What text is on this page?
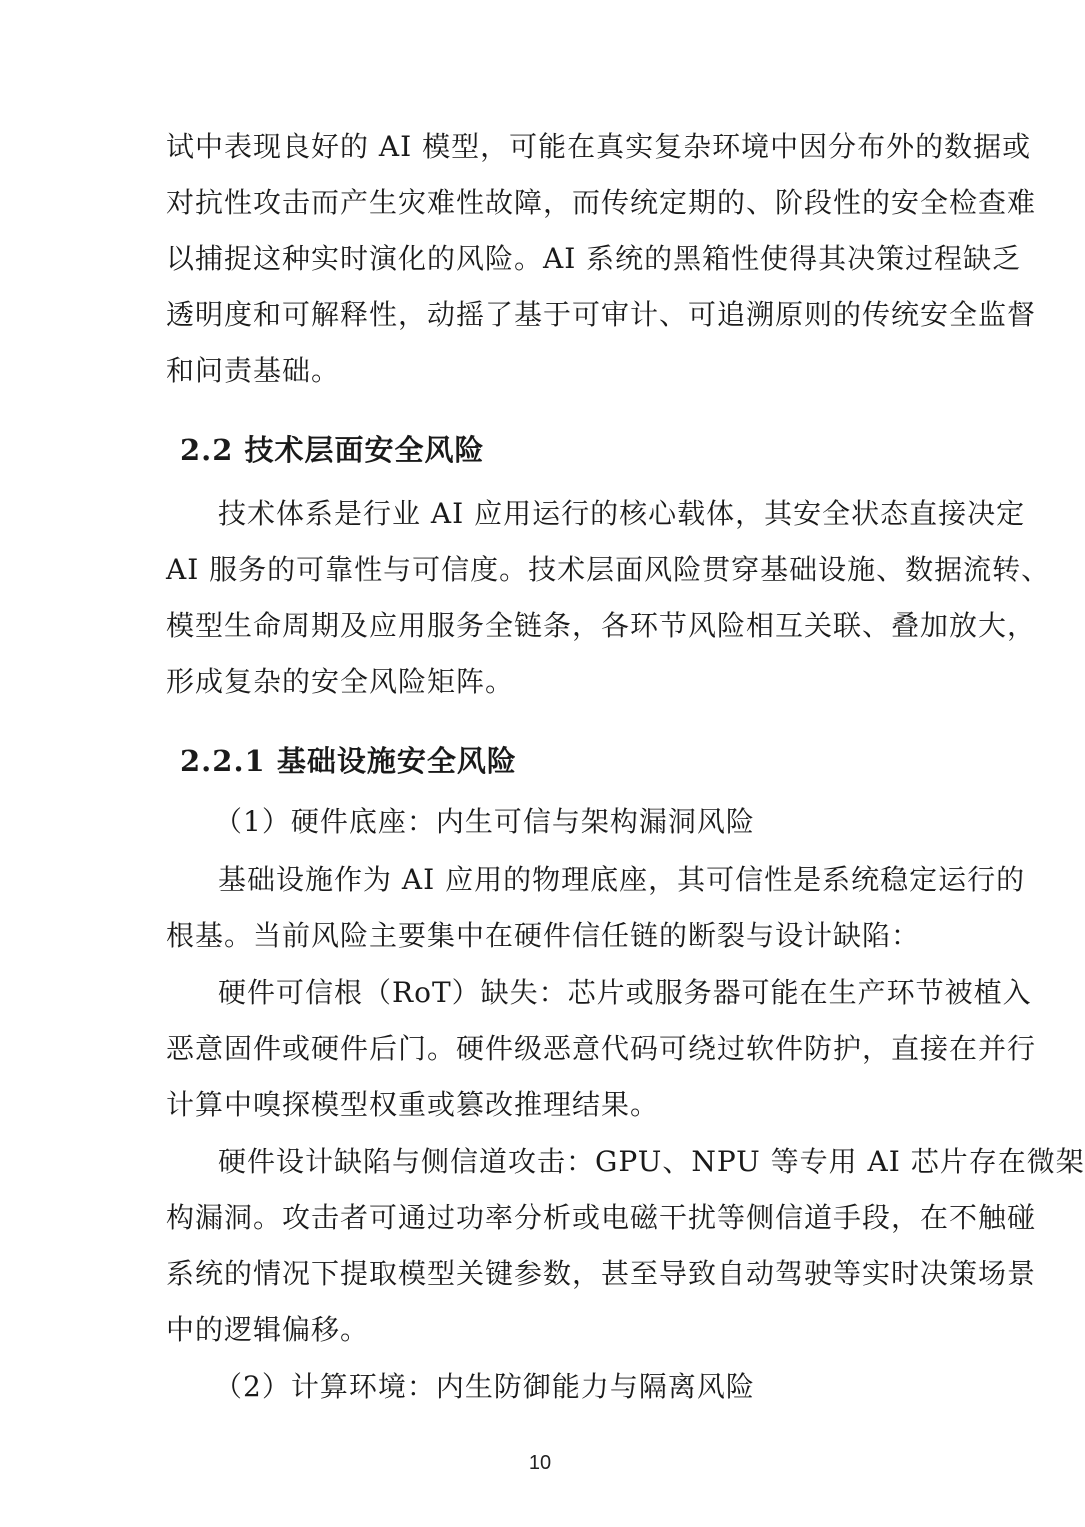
试中表现良好的 AI 模型，可能在真实复杂环境中因分布外的数据或
对抗性攻击而产生灾难性故障，而传统定期的、阶段性的安全检查难
以捕捉这种实时演化的风险。AI 系统的黑箱性使得其决策过程缺乏
透明度和可解释性，动摇了基于可审计、可追溯原则的传统安全监督
和问责基础。
2.2 技术层面安全风险
技术体系是行业 AI 应用运行的核心载体，其安全状态直接决定
AI 服务的可靠性与可信度。技术层面风险贯穿基础设施、数据流转、
模型生命周期及应用服务全链条，各环节风险相互关联、叠加放大，
形成复杂的安全风险矩阵。
2.2.1 基础设施安全风险
（1）硬件底座：内生可信与架构漏洞风险
基础设施作为 AI 应用的物理底座，其可信性是系统稳定运行的
根基。当前风险主要集中在硬件信任链的断裂与设计缺陷：
硬件可信根（RoT）缺失：芯片或服务器可能在生产环节被植入
恶意固件或硬件后门。硬件级恶意代码可绕过软件防护，直接在并行
计算中嗅探模型权重或篡改推理结果。
硬件设计缺陷与侧信道攻击：GPU、NPU 等专用 AI 芯片存在微架
构漏洞。攻击者可通过功率分析或电磁干扰等侧信道手段，在不触碰
系统的情况下提取模型关键参数，甚至导致自动驾驶等实时决策场景
中的逻辑偏移。
（2）计算环境：内生防御能力与隔离风险
10
